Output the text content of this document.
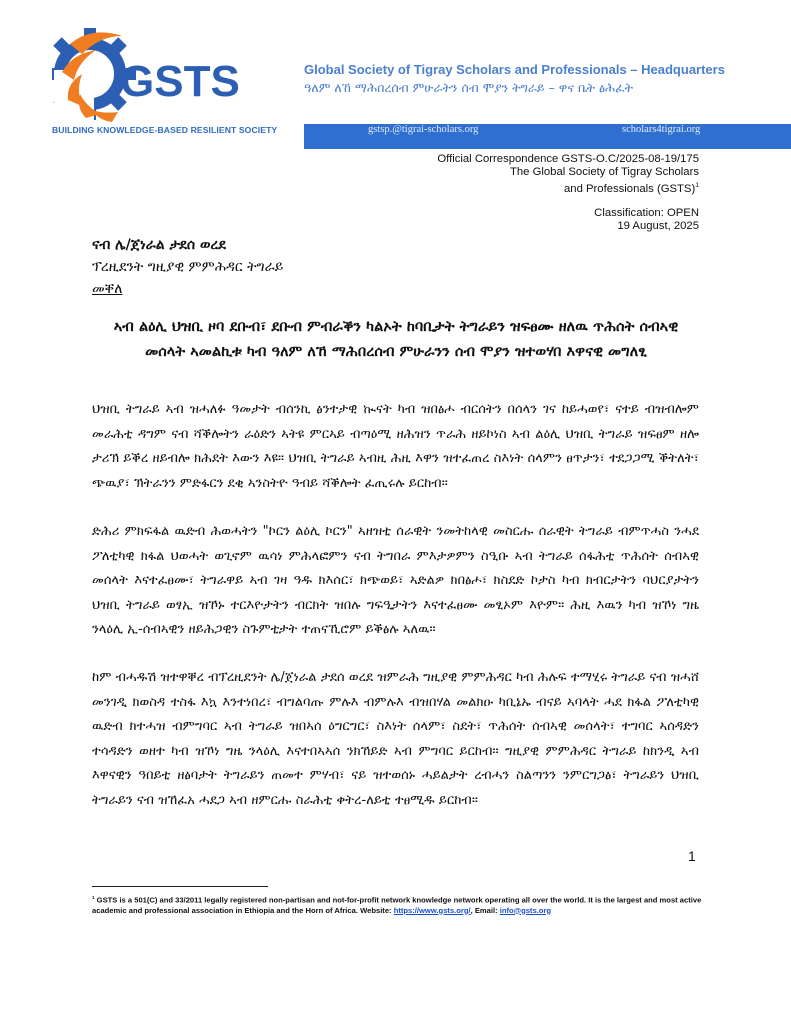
GSTS
BUILDING KNOWLEDGE-BASED RESILIENT SOCIETY
Global Society of Tigray Scholars and Professionals – Headquarters
ዓለም ለኸ ማሕበረሰብ ምሁራትን ሰብ ሞያን ትግራይ – ዋና ቤት ፅሕፈት
gstsp.@tigrai-scholars.org	scholars4tigrai.org
Official Correspondence GSTS-O.C/2025-08-19/175
The Global Society of Tigray Scholars
and Professionals (GSTS)$^1$
Classification: OPEN
19 August, 2025
ናብ ሌ/ጀነራል ታደሰ ወረደ
ፕረዚደንት ግዚያዊ ምምሕዳር ትግራይ
መቐለ
ኣብ ልዕሊ ህዝቢ ዞባ ደቡብ፣ ደቡብ ምብራቕን ካልኦት ከባቢታት ትግራይን ዝፍፀሙ ዘለዉ ጥሕሰት ሰብኣዊ መሰላት ኣመልኪቱ ካብ ዓለም ለኸ ማሕበረሰብ ምሁራንን ሰብ ሞያን ዝተወሃበ እዋናዊ መግለፂ
ህዝቢ ትግራይ ኣብ ዝሓለፉ ዓመታት ብሰንኪ ፅንተታዊ ኲናት ካብ ዝበፅሖ ብርሰትን በሰላን ገና ከይሓወየ፣ ናተይ ብዝብሎም መራሕቲ ዳግም ናብ ሻቕሎትን ራዕድን ኣትዩ ምርኣይ ብጣዕሚ ዘሕዝን ጥራሕ ዘይኮነስ ኣብ ልዕሊ ህዝቢ ትግራይ ዝፍፀም ዘሎ ታሪኽ ይቕረ ዘይብሎ ክሕደት እውን እዩ። ህዝቢ ትግራይ ኣብዚ ሕዚ እዋን ዝተፈጠረ ስእነት ሰላምን ፀጥታን፣ ተደጋጋሚ ቕትለት፣ ጭዉያ፣ ኽትራንን ምድፋርን ደቂ ኣንስትዮ ዓብይ ሻቕሎት ፈጢሩሉ ይርከብ።
ድሕሪ ምክፍፋል ዉድብ ሕወሓትን "ኮርን ልዕሊ ኮርን" ኣዘዝቲ ሰራዊት ንመትከላዊ መስርሑ ሰራዊት ትግራይ ብምጥሓስ ንሓደ ፖለቲካዊ ክፋል ህወሓት ወጊኖም ዉሳነ ምሕላፎምን ናብ ትግበራ ምእታዎምን ስዒቡ ኣብ ትግራይ ሰፋሕቲ ጥሕሰት ሰብኣዊ መሰላት እናተፈፀሙ፣ ትግራዋይ ኣብ ገዛ ዓዱ ክእሰር፣ ክጭወይ፣ ኣድልዎ ክበፅሖ፣ ክስደድ ኮታስ ካብ ክብርታትን ባህርያታትን ህዝቢ ትግራይ ወፃኢ ዝኾኑ ተርእዮታትን ብርክት ዝበሉ ግፍዒታትን እናተፈፀሙ መፂኦም እዮም። ሕዚ እዉን ካብ ዝኾነ ግዜ ንላዕሊ ኢ-ሰብኣዊን ዘይሕጋዊን ስጉምቲታት ተጠናኺሮም ይቕፅሉ ኣለዉ።
ከም ብሓዱሽ ዝተዋቐረ ብፕረዚደንት ሌ/ጀነራል ታደሰ ወረደ ዝምራሕ ግዚያዊ ምምሕዳር ካብ ሕሉፍ ተማሂሩ ትግራይ ናብ ዝሓሸ መንገዲ ክወስዳ ተስፋ እኳ እንተነበረ፣ ብግልባጡ ምሉእ ብምሉእ ብዝበሃል መልክዑ ካቢኔኡ ብናይ ኣባላት ሓደ ክፋል ፖለቲካዊ ዉድብ ክተሓዝ ብምግባር ኣብ ትግራይ ዝበኣሰ ዕግርግር፣ ስእነት ሰላም፣ ስደት፣ ጥሕሰት ሰብኣዊ መሰላት፣ ተግባር ኣሰዳድን ተሳዳድን ወዘተ ካብ ዝኾነ ግዜ ንላዕሊ እናተበኣኣሰ ንክኸይድ ኣብ ምግባር ይርከብ። ግዚያዊ ምምሕዳር ትግራይ ከክንዲ ኣብ እዋናዊን ዓበይቲ ዘፅባታት ትግራይን ጠመተ ምሃብ፣ ናይ ዝተወሰኑ ሓይልታት ረብሓን ስልጣንን ንምርግጋፅ፣ ትግራይን ህዝቢ ትግራይን ናብ ዝኸፈአ ሓደጋ ኣብ ዘምርሑ ስራሕቲ ቀትረ-ለይቲ ተፀሚዱ ይርከብ።
1
$^1$ GSTS is a 501(C) and 33/2011 legally registered non-partisan and not-for-profit network knowledge network operating all over the world. It is the largest and most active academic and professional association in Ethiopia and the Horn of Africa. Website: https://www.gsts.org/, Email: info@gsts.org
